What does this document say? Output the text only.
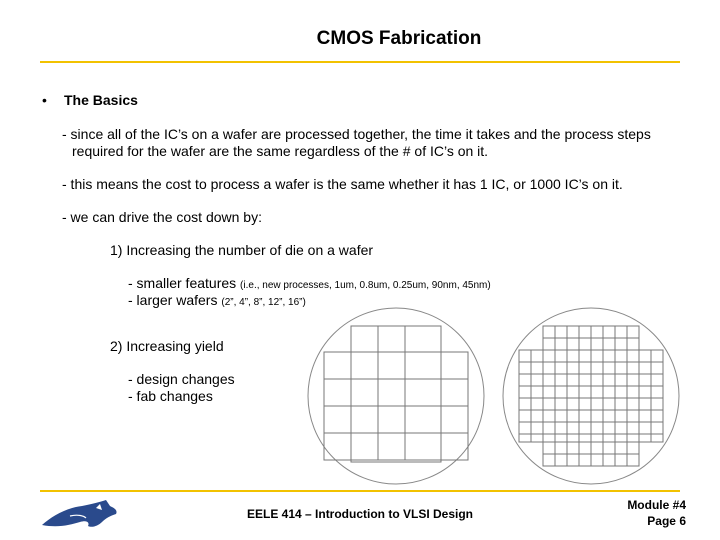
CMOS Fabrication
• The Basics
- since all of the IC’s on a wafer are processed together, the time it takes and the process steps
required for the wafer are the same regardless of the # of IC’s on it.
- this means the cost to process a wafer is the same whether it has 1 IC, or 1000 IC’s on it.
- we can drive the cost down by:
1) Increasing the number of die on a wafer
- smaller features (i.e., new processes, 1um, 0.8um, 0.25um, 90nm, 45nm)
- larger wafers (2”, 4”, 8”, 12”, 16”)
2) Increasing yield
- design changes
- fab changes
EELE 414 – Introduction to VLSI Design
Module #4
Page 6
